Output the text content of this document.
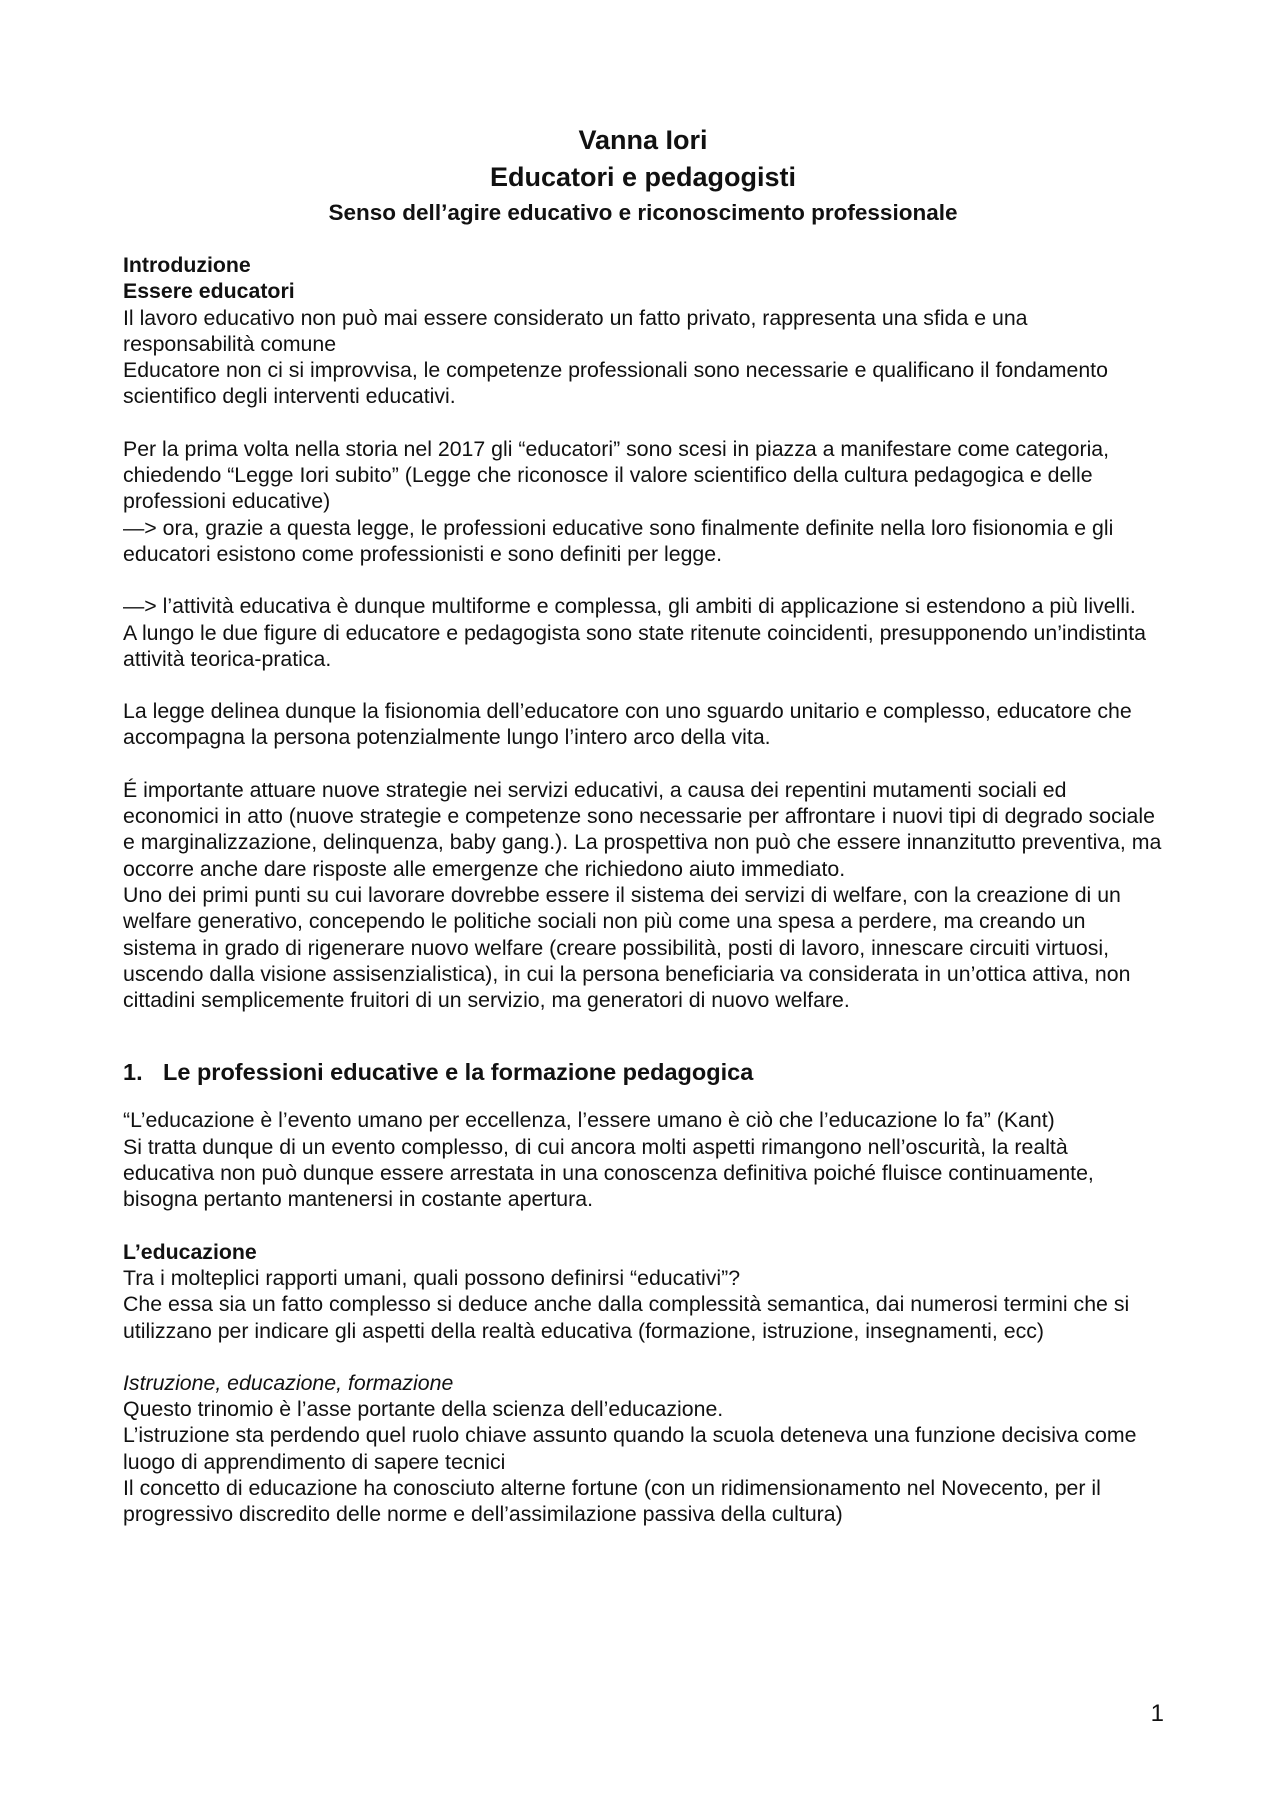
Vanna Iori
Educatori e pedagogisti
Senso dell’agire educativo e riconoscimento professionale
Introduzione
Essere educatori

Il lavoro educativo non può mai essere considerato un fatto privato, rappresenta una sfida e una responsabilità comune

Educatore non ci si improvvisa, le competenze professionali sono necessarie e qualificano il fondamento scientifico degli interventi educativi.

Per la prima volta nella storia nel 2017 gli “educatori” sono scesi in piazza a manifestare come categoria, chiedendo “Legge Iori subito” (Legge che riconosce il valore scientifico della cultura pedagogica e delle professioni educative)

—> ora, grazie a questa legge, le professioni educative sono finalmente definite nella loro fisionomia e gli educatori esistono come professionisti e sono definiti per legge.

—> l’attività educativa è dunque multiforme e complessa, gli ambiti di applicazione si estendono a più livelli.

A lungo le due figure di educatore e pedagogista sono state ritenute coincidenti, presupponendo un’indistinta attività teorica-pratica.

La legge delinea dunque la fisionomia dell’educatore con uno sguardo unitario e complesso, educatore che accompagna la persona potenzialmente lungo l’intero arco della vita.

É importante attuare nuove strategie nei servizi educativi, a causa dei repentini mutamenti sociali ed economici in atto (nuove strategie e competenze sono necessarie per affrontare i nuovi tipi di degrado sociale e marginalizzazione, delinquenza, baby gang.). La prospettiva non può che essere innanzitutto preventiva, ma occorre anche dare risposte alle emergenze che richiedono aiuto immediato.

Uno dei primi punti su cui lavorare dovrebbe essere il sistema dei servizi di welfare, con la creazione di un welfare generativo, concependo le politiche sociali non più come una spesa a perdere, ma creando un sistema in grado di rigenerare nuovo welfare (creare possibilità, posti di lavoro, innescare circuiti virtuosi, uscendo dalla visione assisenzialistica), in cui la persona beneficiaria va considerata in un’ottica attiva, non cittadini semplicemente fruitori di un servizio, ma generatori di nuovo welfare.

1. Le professioni educative e la formazione pedagogica

“L’educazione è l’evento umano per eccellenza, l’essere umano è ciò che l’educazione lo fa” (Kant)

Si tratta dunque di un evento complesso, di cui ancora molti aspetti rimangono nell’oscurità, la realtà educativa non può dunque essere arrestata in una conoscenza definitiva poiché fluisce continuamente, bisogna pertanto mantenersi in costante apertura.

L’educazione

Tra i molteplici rapporti umani, quali possono definirsi “educativi”?

Che essa sia un fatto complesso si deduce anche dalla complessità semantica, dai numerosi termini che si utilizzano per indicare gli aspetti della realtà educativa (formazione, istruzione, insegnamenti, ecc)

Istruzione, educazione, formazione

Questo trinomio è l’asse portante della scienza dell’educazione.

L’istruzione sta perdendo quel ruolo chiave assunto quando la scuola deteneva una funzione decisiva come luogo di apprendimento di sapere tecnici

Il concetto di educazione ha conosciuto alterne fortune (con un ridimensionamento nel Novecento, per il progressivo discredito delle norme e dell’assimilazione passiva della cultura)

1
